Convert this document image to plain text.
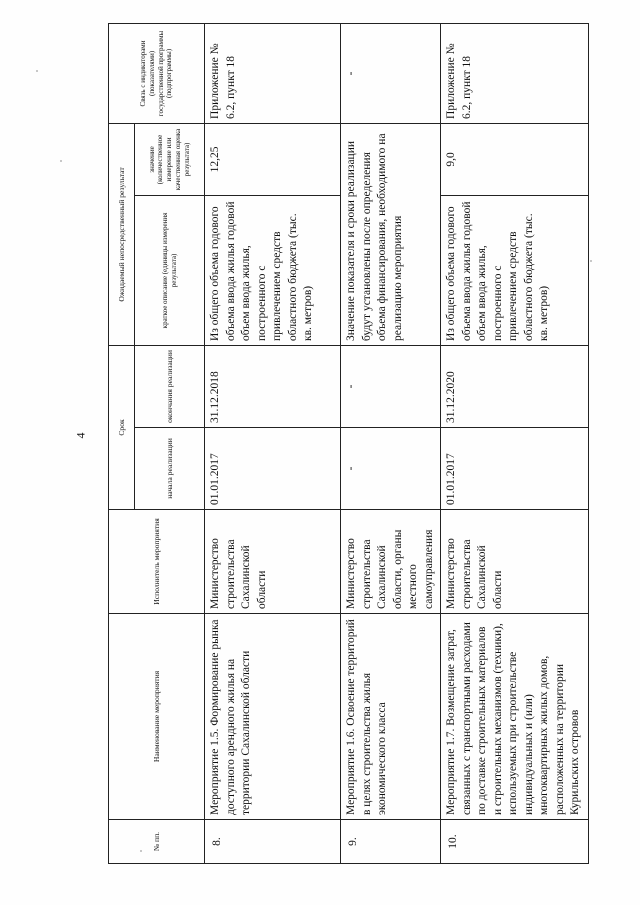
4
№ пп.	Наименование мероприятия	Исполнитель мероприятия	Срок		Ожидаемый непосредственный результат		Связь с индикаторами (показателями) государственной программы (подпрограммы)
			начала реализации	окончания реализации	краткое описание (единицы измерения результата)	значение (количественное измерение или качественная оценка результата)	
8.	Мероприятие 1.5. Формирование рынка доступного арендного жилья на территории Сахалинской области	Министерство строительства Сахалинской области	01.01.2017	31.12.2018	Из общего объема годового объема ввода жилья годовой объем ввода жилья, построенного с привлечением средств областного бюджета (тыс. кв. метров)	12,25	Приложение № 6.2, пункт 18
9.	Мероприятие 1.6. Освоение территорий в целях строительства жилья экономического класса	Министерство строительства Сахалинской области, органы местного самоуправления	-	-	Значение показателя и сроки реализации будут установлены после определения объема финансирования, необходимого на реализацию мероприятия		-
10.	Мероприятие 1.7. Возмещение затрат, связанных с транспортными расходами по доставке строительных материалов и строительных механизмов (техники), используемых при строительстве индивидуальных и (или) многоквартирных жилых домов, расположенных на территории Курильских островов	Министерство строительства Сахалинской области	01.01.2017	31.12.2020	Из общего объема годового объема ввода жилья годовой объем ввода жилья, построенного с привлечением средств областного бюджета (тыс. кв. метров)	9,0	Приложение № 6.2, пункт 18
